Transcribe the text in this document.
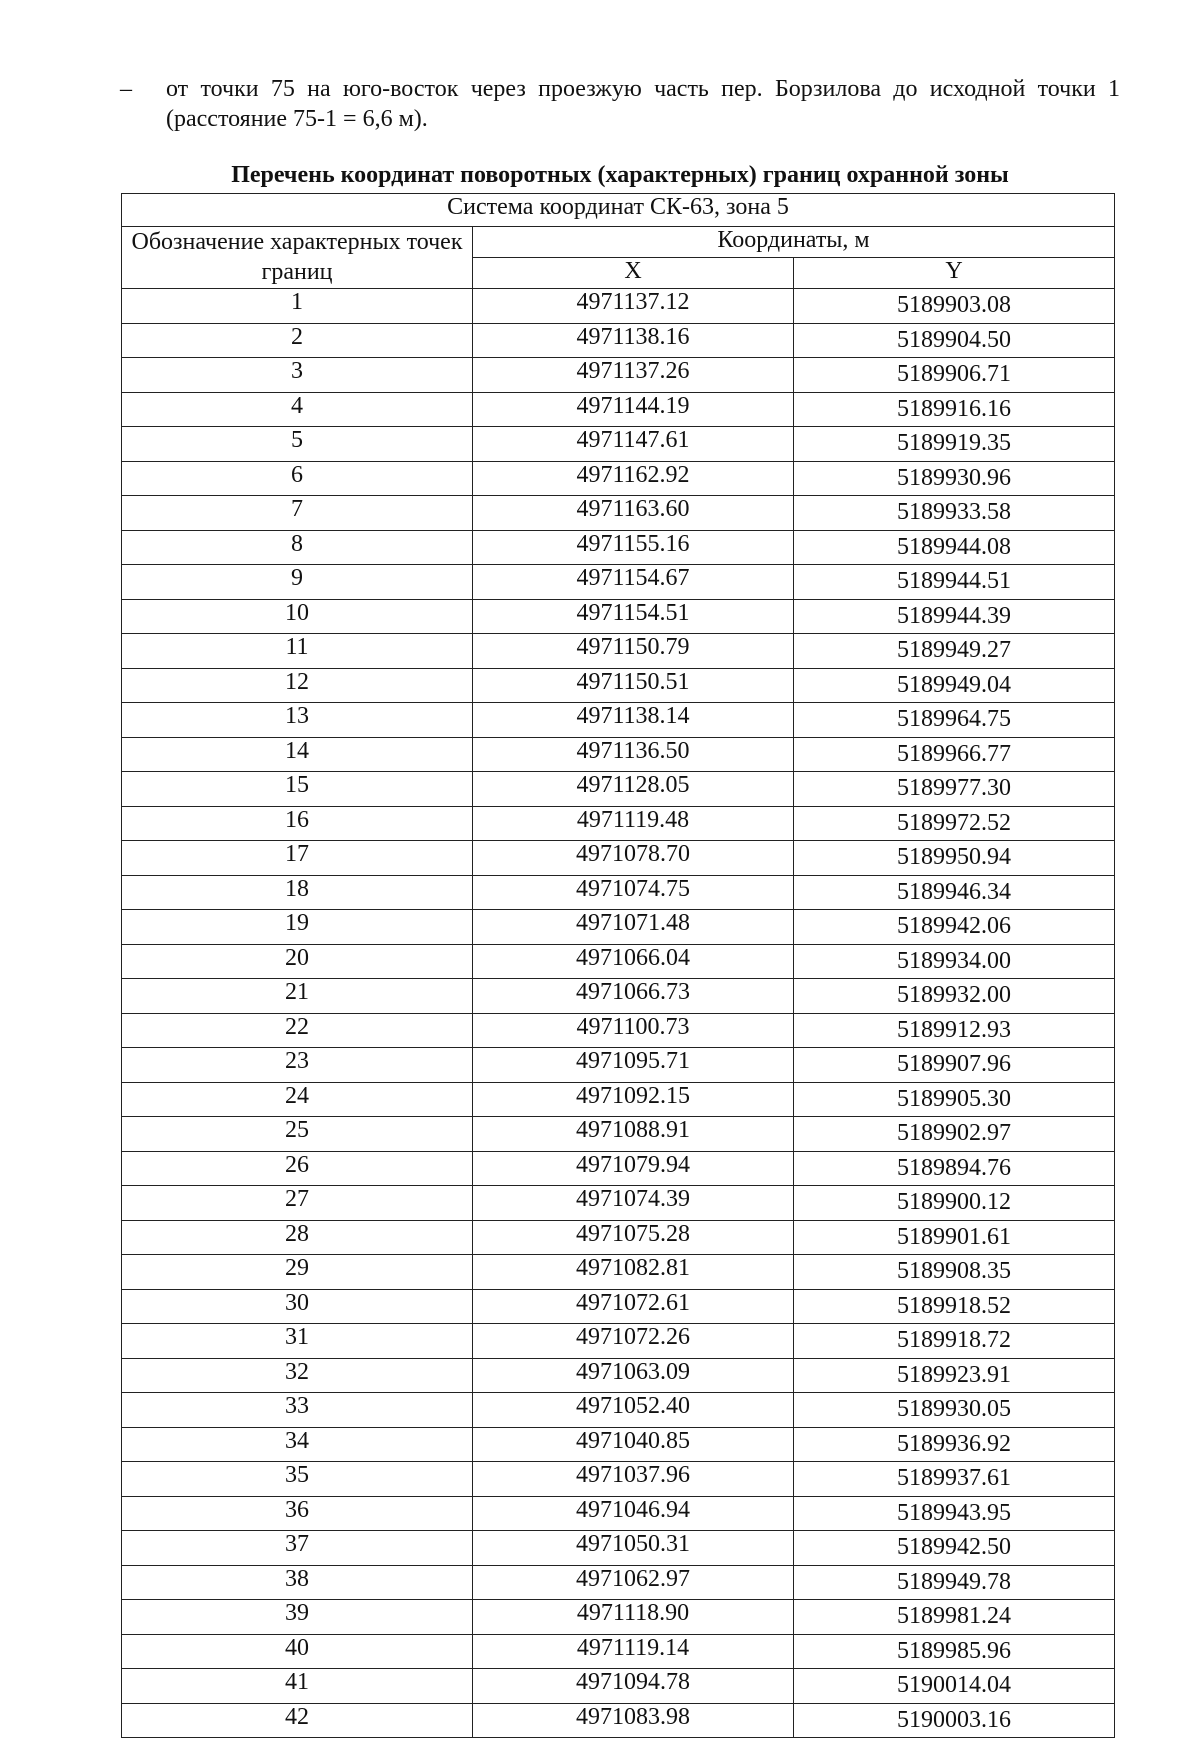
– от точки 75 на юго-восток через проезжую часть пер. Борзилова до исходной точки 1 (расстояние 75-1 = 6,6 м).
Перечень координат поворотных (характерных) границ охранной зоны
Система координат СК-63, зона 5		
Обозначение характерных точек границ	Координаты, м	
	X	Y
1	4971137.12	5189903.08
2	4971138.16	5189904.50
3	4971137.26	5189906.71
4	4971144.19	5189916.16
5	4971147.61	5189919.35
6	4971162.92	5189930.96
7	4971163.60	5189933.58
8	4971155.16	5189944.08
9	4971154.67	5189944.51
10	4971154.51	5189944.39
11	4971150.79	5189949.27
12	4971150.51	5189949.04
13	4971138.14	5189964.75
14	4971136.50	5189966.77
15	4971128.05	5189977.30
16	4971119.48	5189972.52
17	4971078.70	5189950.94
18	4971074.75	5189946.34
19	4971071.48	5189942.06
20	4971066.04	5189934.00
21	4971066.73	5189932.00
22	4971100.73	5189912.93
23	4971095.71	5189907.96
24	4971092.15	5189905.30
25	4971088.91	5189902.97
26	4971079.94	5189894.76
27	4971074.39	5189900.12
28	4971075.28	5189901.61
29	4971082.81	5189908.35
30	4971072.61	5189918.52
31	4971072.26	5189918.72
32	4971063.09	5189923.91
33	4971052.40	5189930.05
34	4971040.85	5189936.92
35	4971037.96	5189937.61
36	4971046.94	5189943.95
37	4971050.31	5189942.50
38	4971062.97	5189949.78
39	4971118.90	5189981.24
40	4971119.14	5189985.96
41	4971094.78	5190014.04
42	4971083.98	5190003.16
